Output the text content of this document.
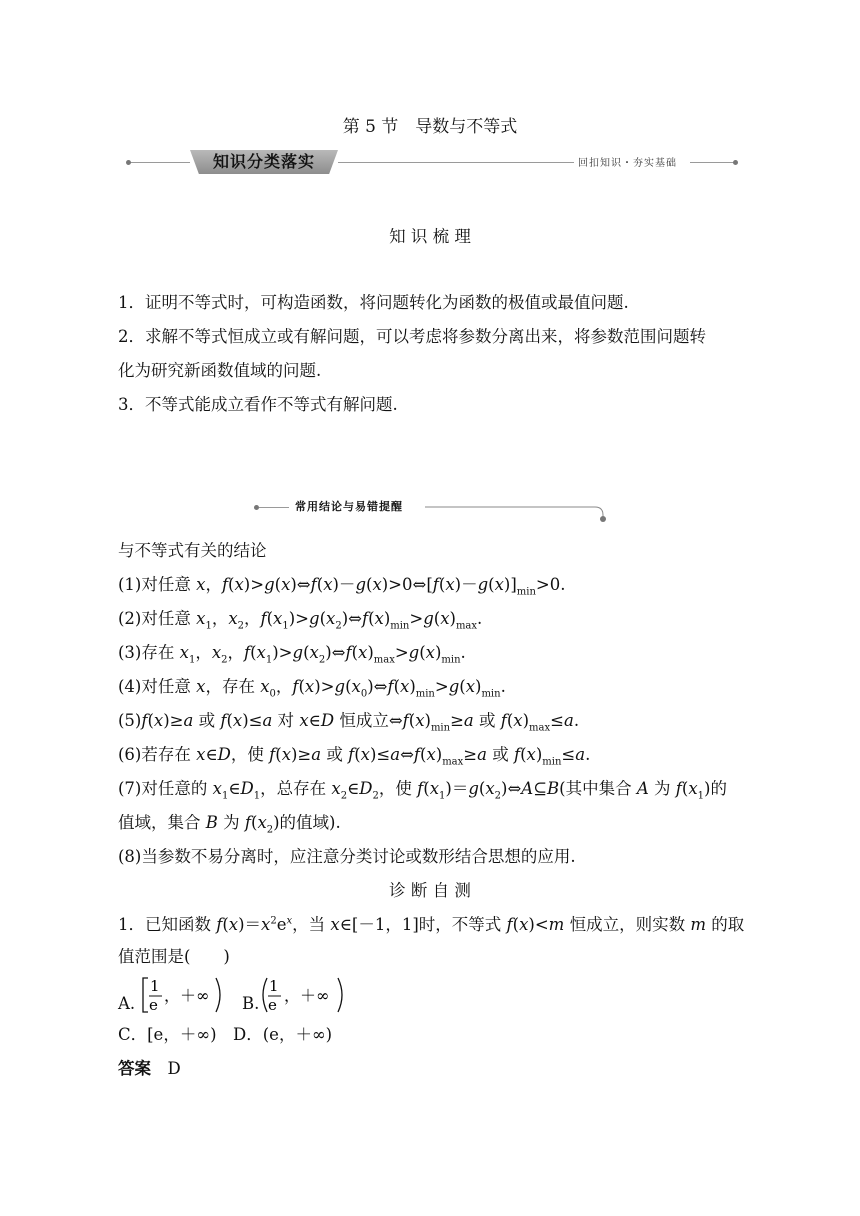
第 5 节　导数与不等式
知识分类落实	回扣知识・夯实基础
知 识 梳 理
1．证明不等式时，可构造函数，将问题转化为函数的极值或最值问题.
2．求解不等式恒成立或有解问题，可以考虑将参数分离出来，将参数范围问题转
化为研究新函数值域的问题.
3．不等式能成立看作不等式有解问题.
常用结论与易错提醒
与不等式有关的结论
(1)对任意 x，$f(x)>g(x)\Leftrightarrow f(x)-g(x)>0\Leftrightarrow[f(x)-g(x)]_{min}>0$.
(2)对任意 $x_1$，$x_2$，$f(x_1)>g(x_2)\Leftrightarrow f(x)_{min}>g(x)_{max}$.
(3)存在 $x_1$，$x_2$，$f(x_1)>g(x_2)\Leftrightarrow f(x)_{max}>g(x)_{min}$.
(4)对任意 x，存在 $x_0$，$f(x)>g(x_0)\Leftrightarrow f(x)_{min}>g(x)_{min}$.
(5)f(x)≥a 或 f(x)≤a 对 x∈D 恒成立$\Leftrightarrow f(x)_{min}\ge a$ 或 $f(x)_{max}\le a$.
(6)若存在 x∈D，使 f(x)≥a 或 $f(x)\le a\Leftrightarrow f(x)_{max}\ge a$ 或 $f(x)_{min}\le a$.
(7)对任意的 $x_1\in D_1$，总存在 $x_2\in D_2$，使 $f(x_1)=g(x_2)\Leftrightarrow A⊆B$(其中集合 A 为 $f(x_1)$的
值域，集合 B 为 $f(x_2)$的值域).
(8)当参数不易分离时，应注意分类讨论或数形结合思想的应用.
诊 断 自 测
1．已知函数 $f(x)=x^2e^x$，当 x∈[－1，1]时，不等式 f(x)<m 恒成立，则实数 m 的取
值范围是(　　)
A.
1
e ，＋∞ B.
1
e ，＋∞
C．[e，＋∞)　D．(e，＋∞)
答案　 D
